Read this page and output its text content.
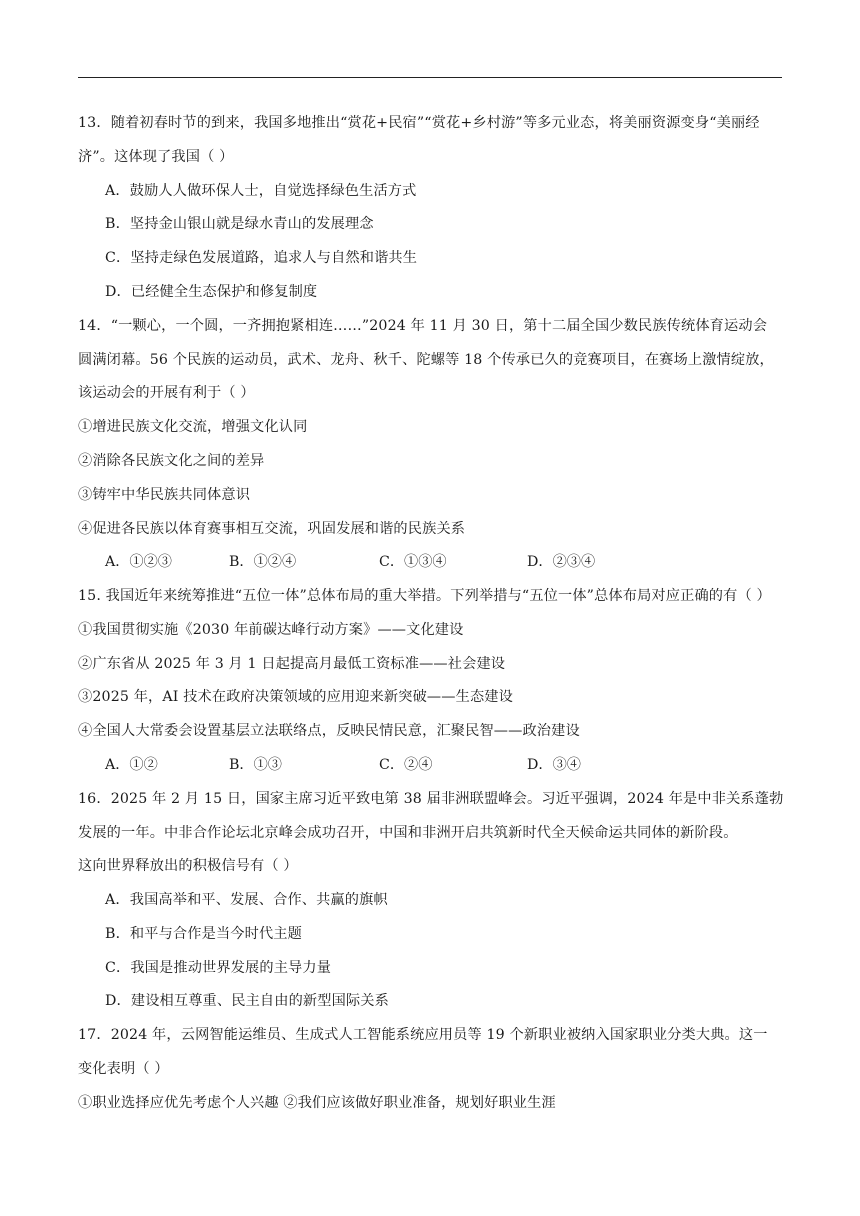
13．随着初春时节的到来，我国多地推出“赏花+民宿”“赏花+乡村游”等多元业态，将美丽资源变身“美丽经
济”。这体现了我国（ ）
A．鼓励人人做环保人士，自觉选择绿色生活方式
B．坚持金山银山就是绿水青山的发展理念
C．坚持走绿色发展道路，追求人与自然和谐共生
D．已经健全生态保护和修复制度
14．“一颗心，一个圆，一齐拥抱紧相连……”2024 年 11 月 30 日，第十二届全国少数民族传统体育运动会
圆满闭幕。56 个民族的运动员，武术、龙舟、秋千、陀螺等 18 个传承已久的竞赛项目，在赛场上激情绽放，
该运动会的开展有利于（ ）
①增进民族文化交流，增强文化认同
②消除各民族文化之间的差异
③铸牢中华民族共同体意识
④促进各民族以体育赛事相互交流，巩固发展和谐的民族关系
A．①②③	B．①②④	C．①③④	D．②③④
15. 我国近年来统筹推进“五位一体”总体布局的重大举措。下列举措与“五位一体”总体布局对应正确的有（ ）
①我国贯彻实施《2030 年前碳达峰行动方案》——文化建设
②广东省从 2025 年 3 月 1 日起提高月最低工资标准——社会建设
③2025 年，AI 技术在政府决策领域的应用迎来新突破——生态建设
④全国人大常委会设置基层立法联络点，反映民情民意，汇聚民智——政治建设
A．①②	B．①③	C．②④	D．③④
16．2025 年 2 月 15 日，国家主席习近平致电第 38 届非洲联盟峰会。习近平强调，2024 年是中非关系蓬勃
发展的一年。中非合作论坛北京峰会成功召开，中国和非洲开启共筑新时代全天候命运共同体的新阶段。
这向世界释放出的积极信号有（ ）
A．我国高举和平、发展、合作、共赢的旗帜
B．和平与合作是当今时代主题
C．我国是推动世界发展的主导力量
D．建设相互尊重、民主自由的新型国际关系
17．2024 年，云网智能运维员、生成式人工智能系统应用员等 19 个新职业被纳入国家职业分类大典。这一
变化表明（ ）
①职业选择应优先考虑个人兴趣 ②我们应该做好职业准备，规划好职业生涯
